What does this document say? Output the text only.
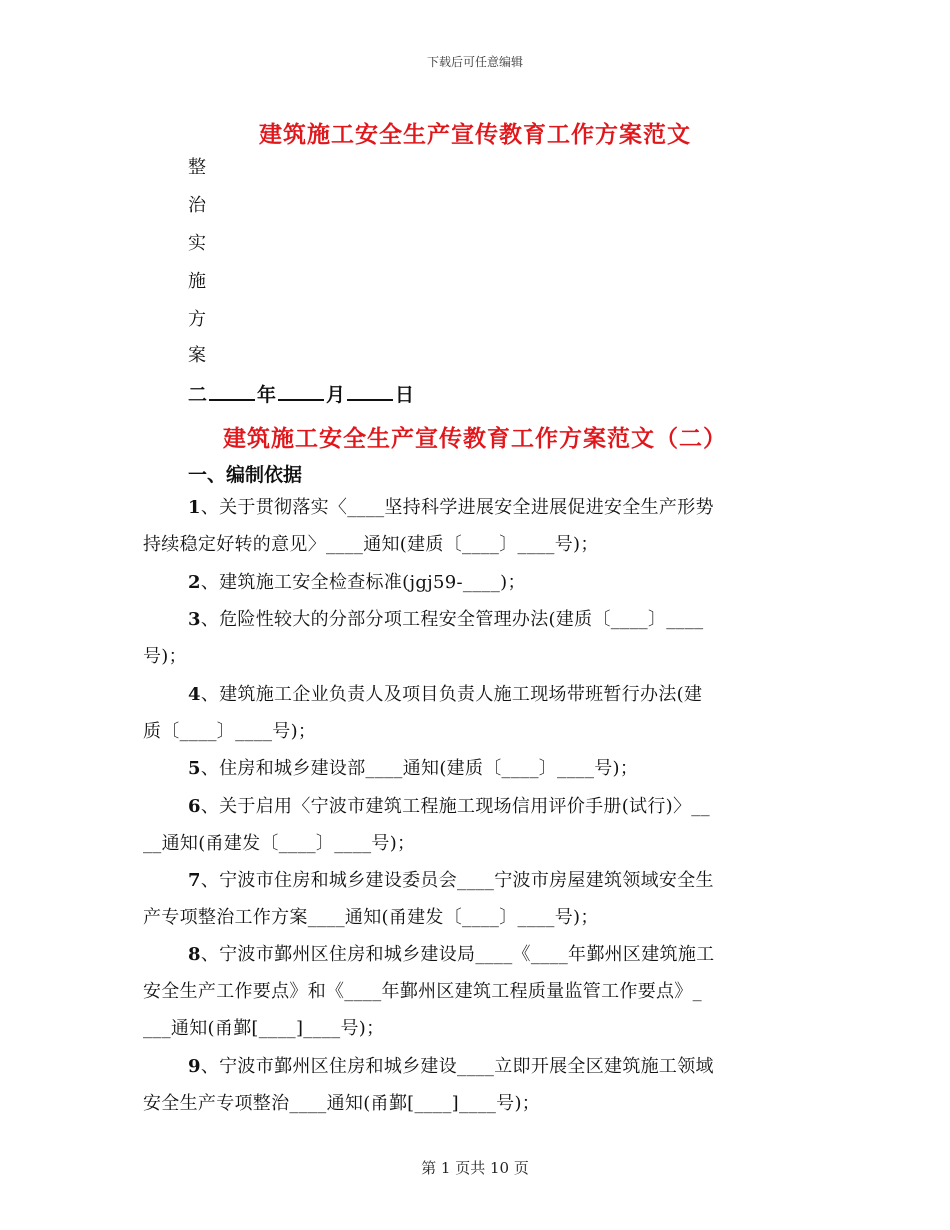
下载后可任意编辑
建筑施工安全生产宣传教育工作方案范文
整
治
实
施
方
案
二	年	月	日
建筑施工安全生产宣传教育工作方案范文（二）
一、编制依据
1、关于贯彻落实〈____坚持科学进展安全进展促进安全生产形势
持续稳定好转的意见〉____通知(建质〔____〕____号)；
2、建筑施工安全检查标准(jgj59-____)；
3、危险性较大的分部分项工程安全管理办法(建质〔____〕____
号)；
4、建筑施工企业负责人及项目负责人施工现场带班暂行办法(建
质〔____〕____号)；
5、住房和城乡建设部____通知(建质〔____〕____号)；
6、关于启用〈宁波市建筑工程施工现场信用评价手册(试行)〉__
__通知(甬建发〔____〕____号)；
7、宁波市住房和城乡建设委员会____宁波市房屋建筑领域安全生
产专项整治工作方案____通知(甬建发〔____〕____号)；
8、宁波市鄞州区住房和城乡建设局____《____年鄞州区建筑施工
安全生产工作要点》和《____年鄞州区建筑工程质量监管工作要点》_
___通知(甬鄞[____]____号)；
9、宁波市鄞州区住房和城乡建设____立即开展全区建筑施工领域
安全生产专项整治____通知(甬鄞[____]____号)；
第 1 页共 10 页
